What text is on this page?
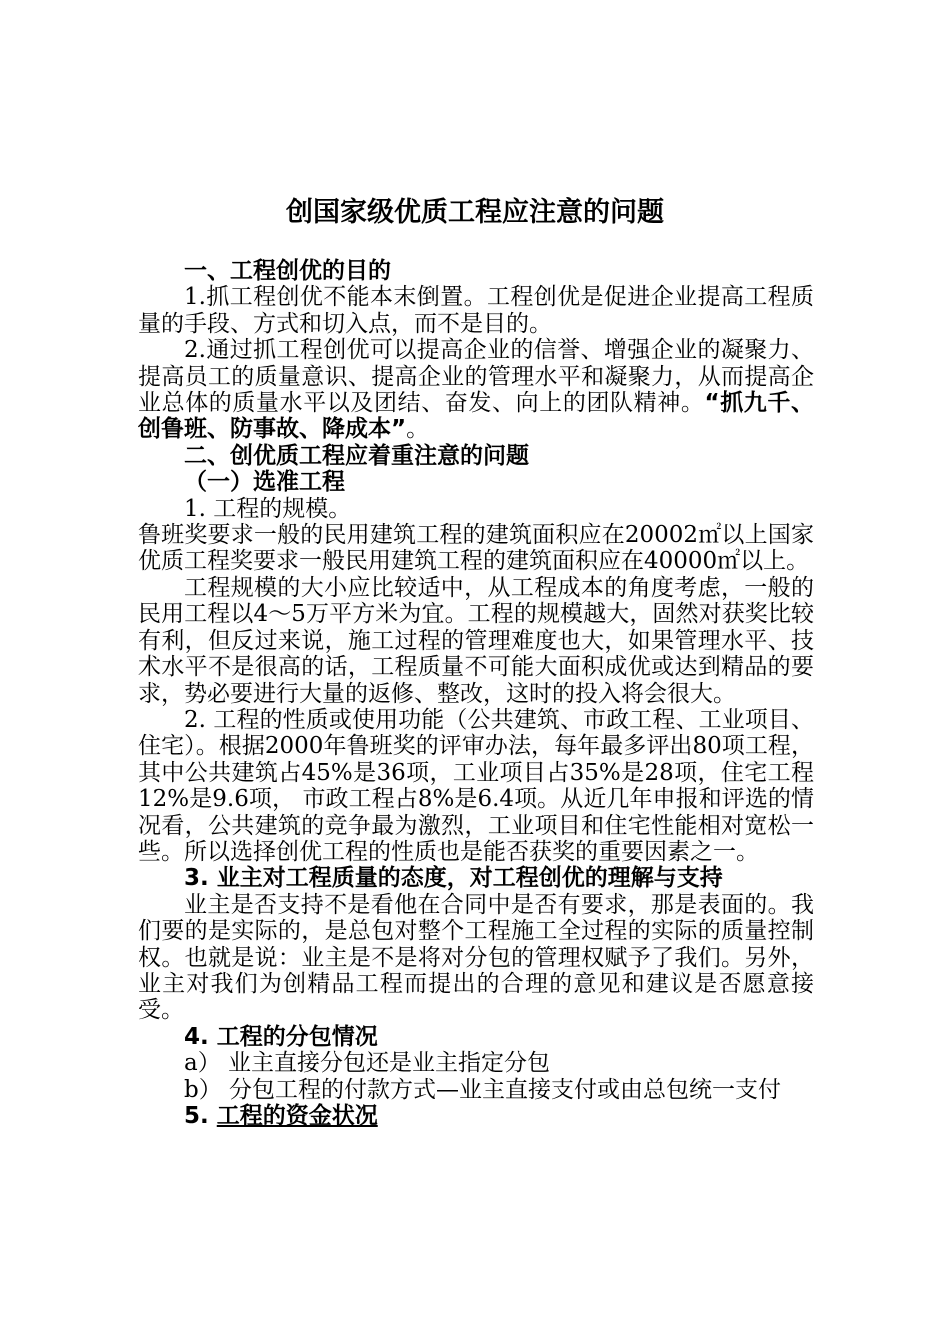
创国家级优质工程应注意的问题

一、工程创优的目的

1.抓工程创优不能本末倒置。工程创优是促进企业提高工程质量的手段、方式和切入点，而不是目的。

2.通过抓工程创优可以提高企业的信誉、增强企业的凝聚力、提高员工的质量意识、提高企业的管理水平和凝聚力，从而提高企业总体的质量水平以及团结、奋发、向上的团队精神。“抓九千、创鲁班、防事故、降成本”。

二、创优质工程应着重注意的问题

（一）选准工程

1. 工程的规模。

鲁班奖要求一般的民用建筑工程的建筑面积应在20002㎡以上国家优质工程奖要求一般民用建筑工程的建筑面积应在40000㎡以上。

工程规模的大小应比较适中，从工程成本的角度考虑，一般的民用工程以4～5万平方米为宜。工程的规模越大，固然对获奖比较有利，但反过来说，施工过程的管理难度也大，如果管理水平、技术水平不是很高的话，工程质量不可能大面积成优或达到精品的要求，势必要进行大量的返修、整改，这时的投入将会很大。

2. 工程的性质或使用功能（公共建筑、市政工程、工业项目、住宅）。根据2000年鲁班奖的评审办法，每年最多评出80项工程，其中公共建筑占45%是36项，工业项目占35%是28项，住宅工程12%是9.6项， 市政工程占8%是6.4项。从近几年申报和评选的情况看，公共建筑的竞争最为激烈，工业项目和住宅性能相对宽松一些。所以选择创优工程的性质也是能否获奖的重要因素之一。

3. 业主对工程质量的态度，对工程创优的理解与支持

业主是否支持不是看他在合同中是否有要求，那是表面的。我们要的是实际的，是总包对整个工程施工全过程的实际的质量控制权。也就是说：业主是不是将对分包的管理权赋予了我们。另外，业主对我们为创精品工程而提出的合理的意见和建议是否愿意接受。

4. 工程的分包情况

a） 业主直接分包还是业主指定分包

b） 分包工程的付款方式—业主直接支付或由总包统一支付

5. 工程的资金状况
